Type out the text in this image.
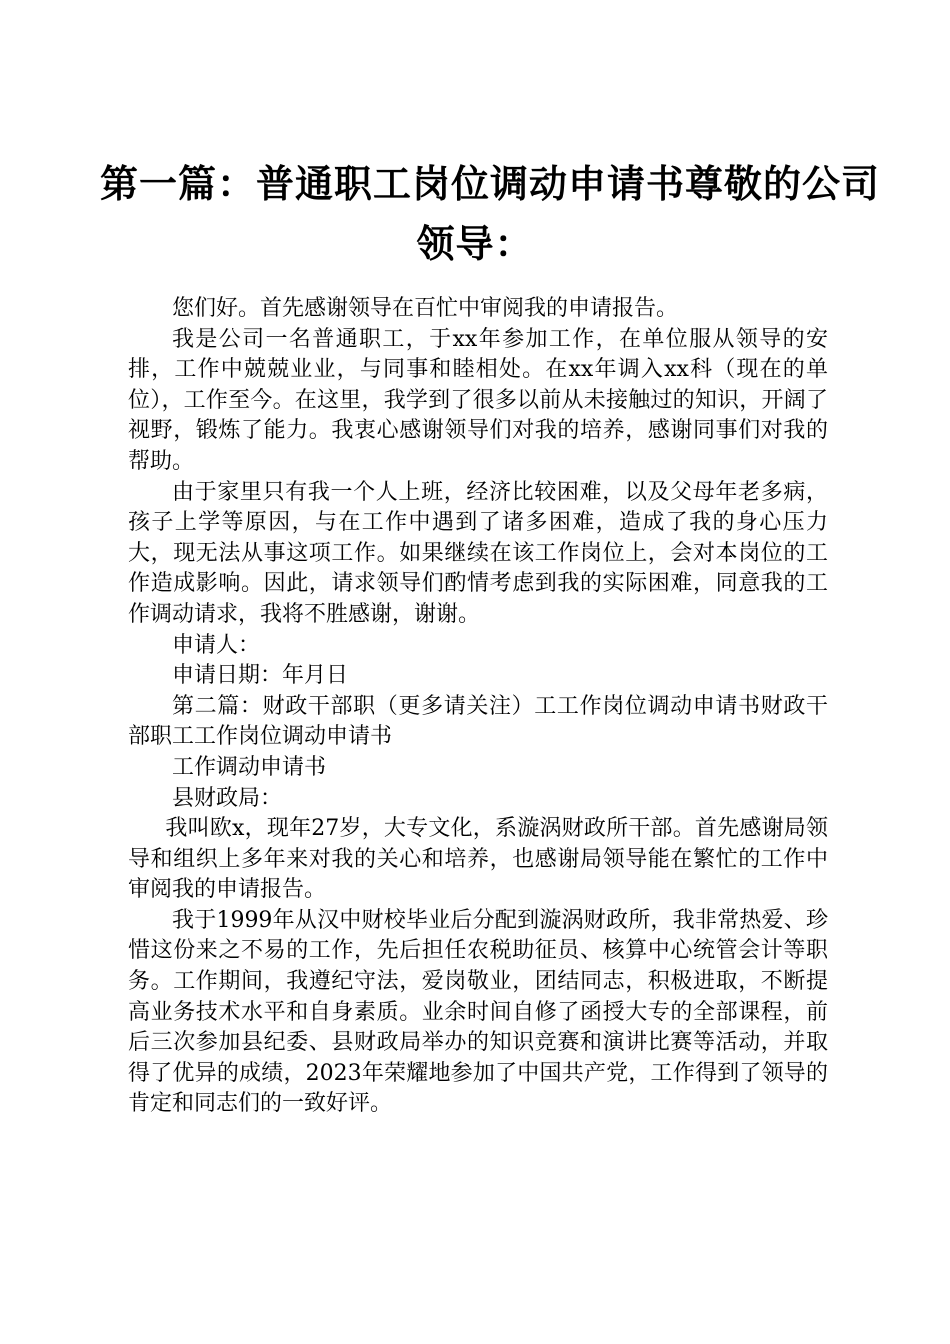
第一篇：普通职工岗位调动申请书尊敬的公司
领导：

您们好。首先感谢领导在百忙中审阅我的申请报告。

我是公司一名普通职工，于xx年参加工作，在单位服从领导的安排，工作中兢兢业业，与同事和睦相处。在xx年调入xx科（现在的单位），工作至今。在这里，我学到了很多以前从未接触过的知识，开阔了视野，锻炼了能力。我衷心感谢领导们对我的培养，感谢同事们对我的帮助。

由于家里只有我一个人上班，经济比较困难，以及父母年老多病，孩子上学等原因，与在工作中遇到了诸多困难，造成了我的身心压力大，现无法从事这项工作。如果继续在该工作岗位上，会对本岗位的工作造成影响。因此，请求领导们酌情考虑到我的实际困难，同意我的工作调动请求，我将不胜感谢，谢谢。

申请人：

申请日期：年月日

第二篇：财政干部职（更多请关注）工工作岗位调动申请书财政干部职工工作岗位调动申请书

工作调动申请书

县财政局：

我叫欧x，现年27岁，大专文化，系漩涡财政所干部。首先感谢局领导和组织上多年来对我的关心和培养，也感谢局领导能在繁忙的工作中审阅我的申请报告。

我于1999年从汉中财校毕业后分配到漩涡财政所，我非常热爱、珍惜这份来之不易的工作，先后担任农税助征员、核算中心统管会计等职务。工作期间，我遵纪守法，爱岗敬业，团结同志，积极进取，不断提高业务技术水平和自身素质。业余时间自修了函授大专的全部课程，前后三次参加县纪委、县财政局举办的知识竞赛和演讲比赛等活动，并取得了优异的成绩，2023年荣耀地参加了中国共产党，工作得到了领导的肯定和同志们的一致好评。
